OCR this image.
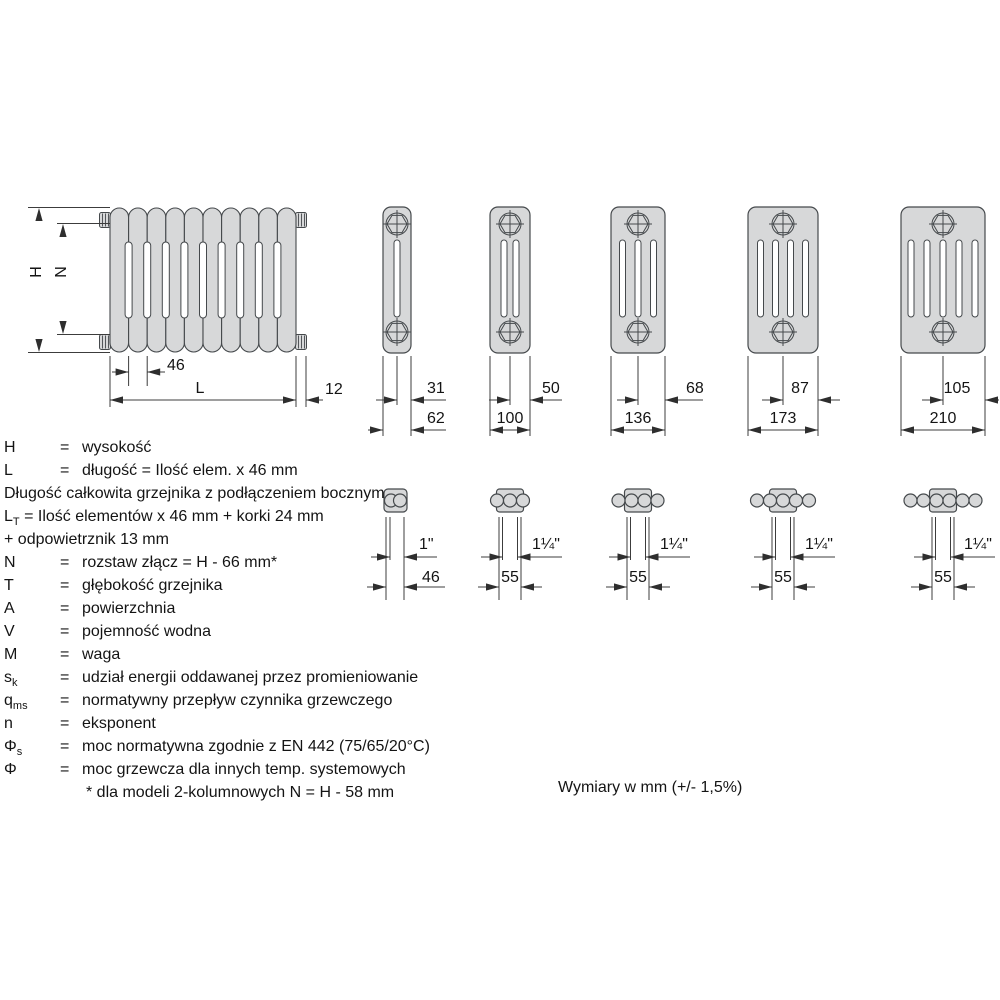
H N
46
L	12	31
62
50
100
68
136
87
173
105
210
1"
46
1¼"
55
1¼"
55
1¼"
55
1¼"
55
H	= wysokość
L	= długość = Ilość elem. x 46 mm
Długość całkowita grzejnika z podłączeniem bocznym
$L_T$ = Ilość elementów x 46 mm + korki 24 mm
+ odpowietrznik 13 mm
N	= rozstaw złącz = H - 66 mm*
T	= głębokość grzejnika
A	= powierzchnia
V	= pojemność wodna
M	= waga
$s_k$	= udział energii oddawanej przez promieniowanie
$q_{ms}$ = normatywny przepływ czynnika grzewczego
n	= eksponent
$\Phi_s$ = moc normatywna zgodnie z EN 442 (75/65/20°C)
Φ	= moc grzewcza dla innych temp. systemowych
* dla modeli 2-kolumnowych N = H - 58 mm	Wymiary w mm (+/- 1,5%)
